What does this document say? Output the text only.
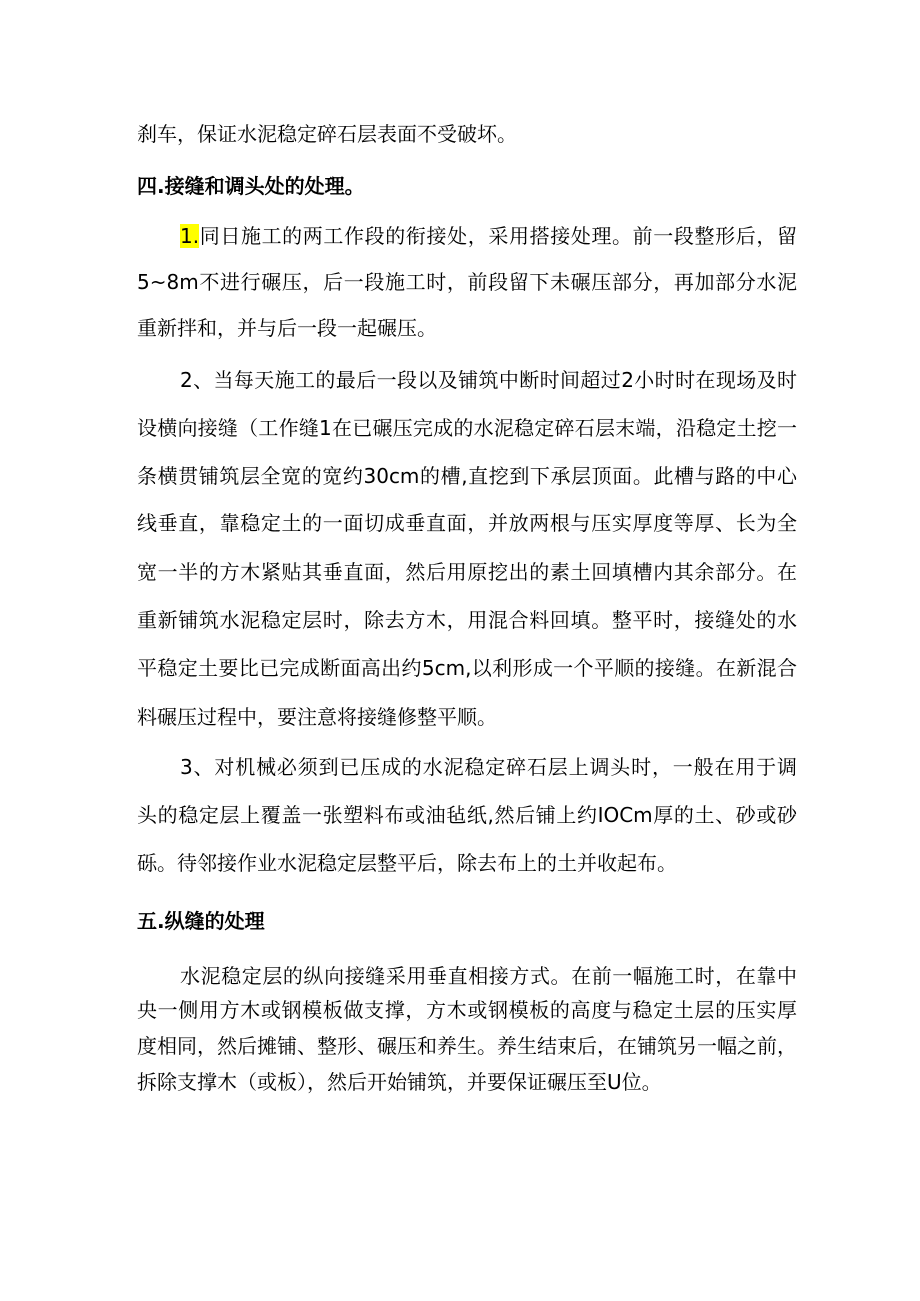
刹车，保证水泥稳定碎石层表面不受破坏。
四.接缝和调头处的处理。
1.同日施工的两工作段的衔接处，采用搭接处理。前一段整形后，留
5~8m不进行碾压，后一段施工时，前段留下未碾压部分，再加部分水泥
重新拌和，并与后一段一起碾压。
2、当每天施工的最后一段以及铺筑中断时间超过2小时时在现场及时
设横向接缝（工作缝1在已碾压完成的水泥稳定碎石层末端，沿稳定土挖一
条横贯铺筑层全宽的宽约30cm的槽,直挖到下承层顶面。此槽与路的中心
线垂直，靠稳定土的一面切成垂直面，并放两根与压实厚度等厚、长为全
宽一半的方木紧贴其垂直面，然后用原挖出的素土回填槽内其余部分。在
重新铺筑水泥稳定层时，除去方木，用混合料回填。整平时，接缝处的水
平稳定土要比已完成断面高出约5cm,以利形成一个平顺的接缝。在新混合
料碾压过程中，要注意将接缝修整平顺。
3、对机械必须到已压成的水泥稳定碎石层上调头时，一般在用于调
头的稳定层上覆盖一张塑料布或油毡纸,然后铺上约IOCm厚的土、砂或砂
砾。待邻接作业水泥稳定层整平后，除去布上的土并收起布。
五.纵缝的处理
水泥稳定层的纵向接缝采用垂直相接方式。在前一幅施工时，在靠中
央一侧用方木或钢模板做支撑，方木或钢模板的高度与稳定土层的压实厚
度相同，然后摊铺、整形、碾压和养生。养生结束后，在铺筑另一幅之前，
拆除支撑木（或板），然后开始铺筑，并要保证碾压至U位。
